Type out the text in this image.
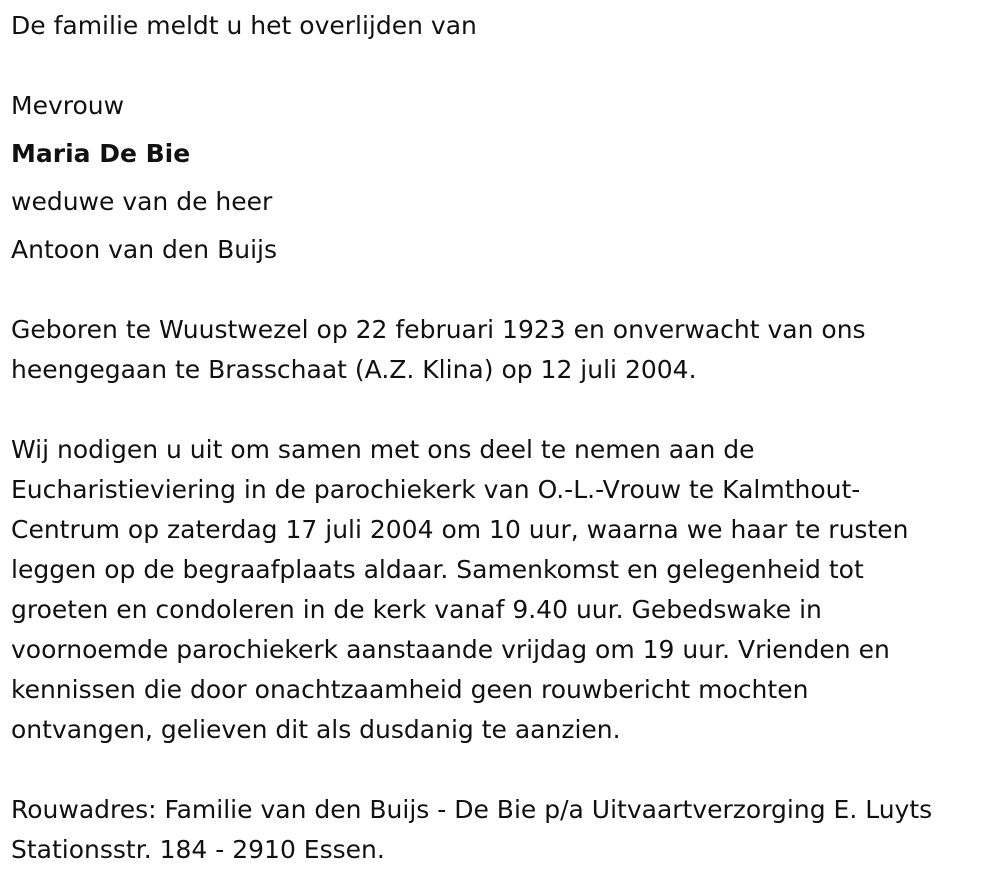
De familie meldt u het overlijden van
Mevrouw
Maria De Bie
weduwe van de heer
Antoon van den Buijs
Geboren te Wuustwezel op 22 februari 1923 en onverwacht van ons
heengegaan te Brasschaat (A.Z. Klina) op 12 juli 2004.
Wij nodigen u uit om samen met ons deel te nemen aan de
Eucharistieviering in de parochiekerk van O.-L.-Vrouw te Kalmthout-
Centrum op zaterdag 17 juli 2004 om 10 uur, waarna we haar te rusten
leggen op de begraafplaats aldaar. Samenkomst en gelegenheid tot
groeten en condoleren in de kerk vanaf 9.40 uur. Gebedswake in
voornoemde parochiekerk aanstaande vrijdag om 19 uur. Vrienden en
kennissen die door onachtzaamheid geen rouwbericht mochten
ontvangen, gelieven dit als dusdanig te aanzien.
Rouwadres: Familie van den Buijs - De Bie p/a Uitvaartverzorging E. Luyts
Stationsstr. 184 - 2910 Essen.
